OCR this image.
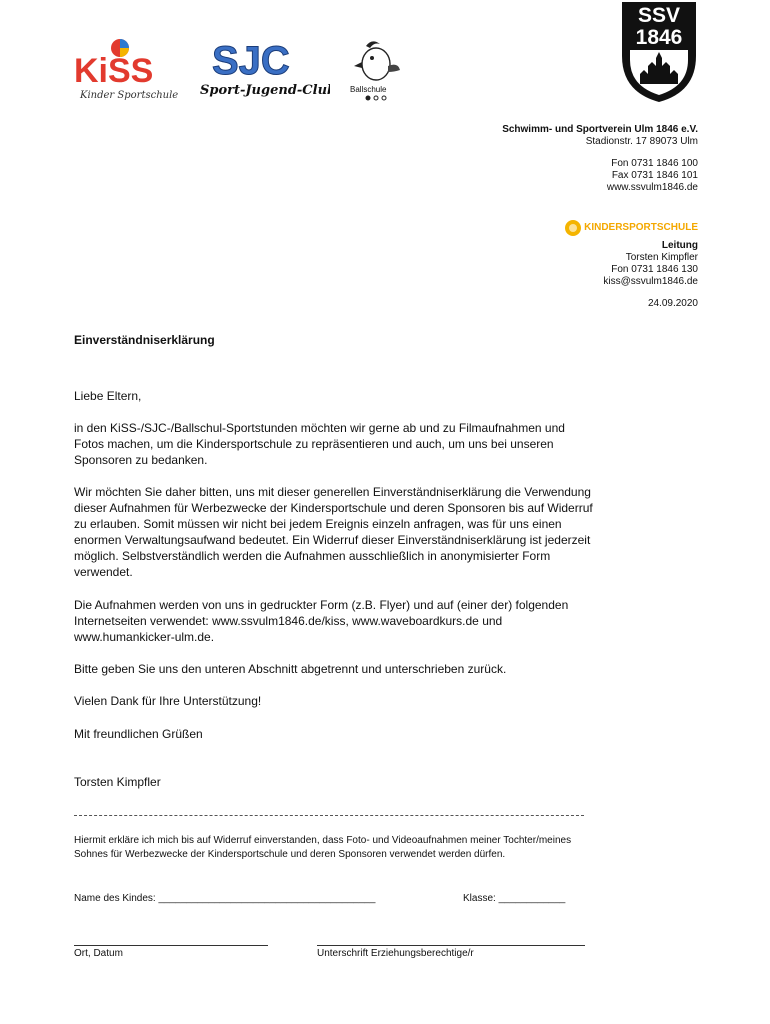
KiSS
Kinder Sportschule
SJC
Sport-Jugend-Club Ballschule
SSV
1846
Schwimm- und Sportverein Ulm 1846 e.V.
Stadionstr. 17 89073 Ulm
Fon 0731 1846 100
Fax 0731 1846 101
www.ssvulm1846.de
KINDERSPORTSCHULE
Leitung
Torsten Kimpfler
Fon 0731 1846 130
kiss@ssvulm1846.de
24.09.2020
Einverständniserklärung
Liebe Eltern,
in den KiSS-/SJC-/Ballschul-Sportstunden möchten wir gerne ab und zu Filmaufnahmen und Fotos machen, um die Kindersportschule zu repräsentieren und auch, um uns bei unseren Sponsoren zu bedanken.
Wir möchten Sie daher bitten, uns mit dieser generellen Einverständniserklärung die Verwendung dieser Aufnahmen für Werbezwecke der Kindersportschule und deren Sponsoren bis auf Widerruf zu erlauben. Somit müssen wir nicht bei jedem Ereignis einzeln anfragen, was für uns einen enormen Verwaltungsaufwand bedeutet. Ein Widerruf dieser Einverständniserklärung ist jederzeit möglich. Selbstverständlich werden die Aufnahmen ausschließlich in anonymisierter Form verwendet.
Die Aufnahmen werden von uns in gedruckter Form (z.B. Flyer) und auf (einer der) folgenden Internetseiten verwendet: www.ssvulm1846.de/kiss, www.waveboardkurs.de und www.humankicker-ulm.de.
Bitte geben Sie uns den unteren Abschnitt abgetrennt und unterschrieben zurück.
Vielen Dank für Ihre Unterstützung!
Mit freundlichen Grüßen
Torsten Kimpfler
Hiermit erkläre ich mich bis auf Widerruf einverstanden, dass Foto- und Videoaufnahmen meiner Tochter/meines Sohnes für Werbezwecke der Kindersportschule und deren Sponsoren verwendet werden dürfen.
Name des Kindes: _______________________________________	Klasse: ____________
Ort, Datum	Unterschrift Erziehungsberechtige/r
